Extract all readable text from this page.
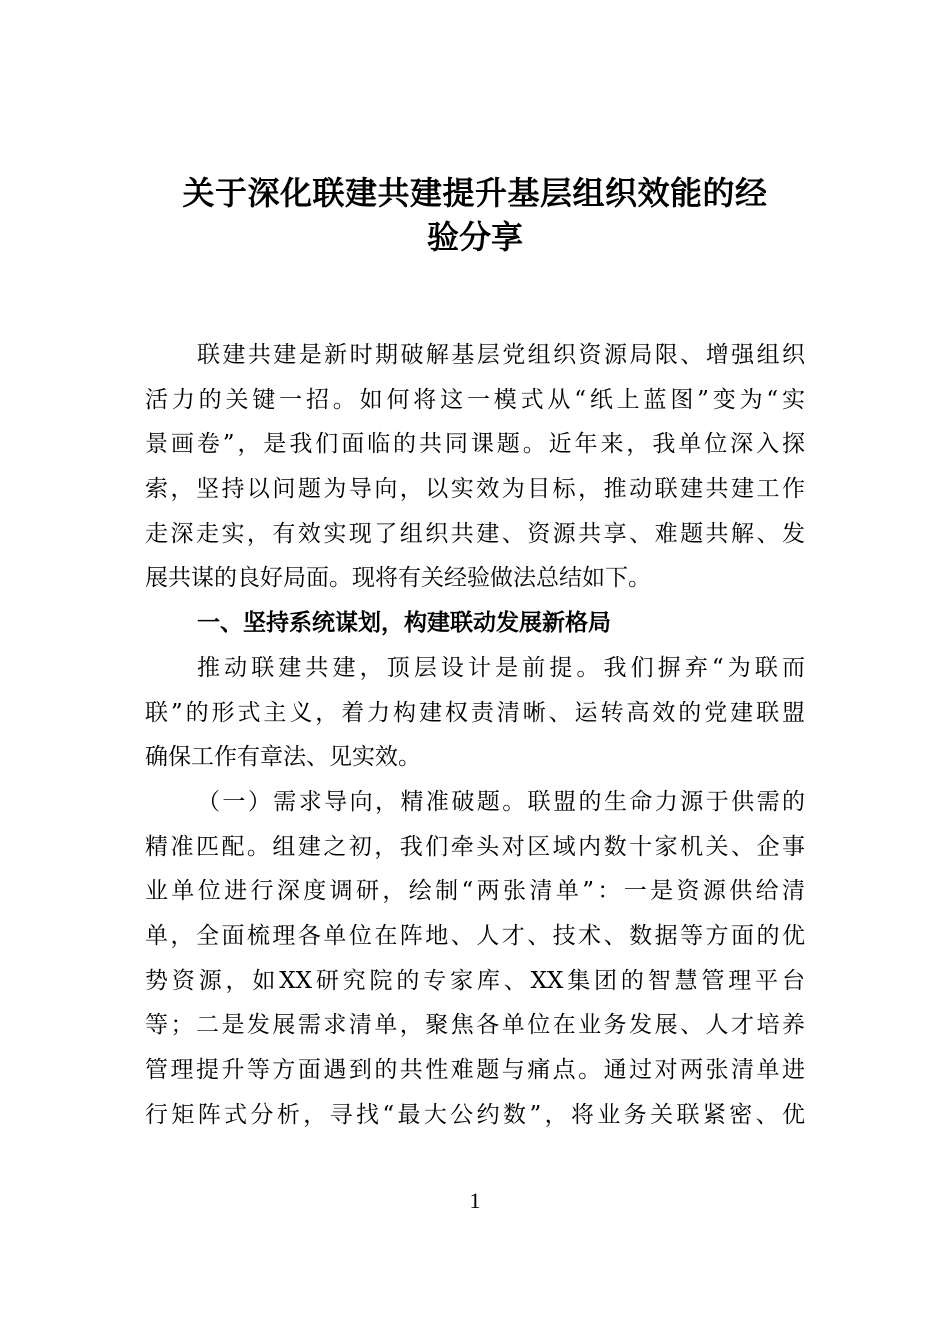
关于深化联建共建提升基层组织效能的经
验分享
联建共建是新时期破解基层党组织资源局限、增强组织
活力的关键一招。如何将这一模式从“纸上蓝图”变为“实
景画卷”，是我们面临的共同课题。近年来，我单位深入探
索，坚持以问题为导向，以实效为目标，推动联建共建工作
走深走实，有效实现了组织共建、资源共享、难题共解、发
展共谋的良好局面。现将有关经验做法总结如下。
一、坚持系统谋划，构建联动发展新格局
推动联建共建，顶层设计是前提。我们摒弃“为联而
联”的形式主义，着力构建权责清晰、运转高效的党建联盟
确保工作有章法、见实效。
（一）需求导向，精准破题。联盟的生命力源于供需的
精准匹配。组建之初，我们牵头对区域内数十家机关、企事
业单位进行深度调研，绘制“两张清单”：一是资源供给清
单，全面梳理各单位在阵地、人才、技术、数据等方面的优
势资源，如XX研究院的专家库、XX集团的智慧管理平台
等；二是发展需求清单，聚焦各单位在业务发展、人才培养
管理提升等方面遇到的共性难题与痛点。通过对两张清单进
行矩阵式分析，寻找“最大公约数”，将业务关联紧密、优
1
